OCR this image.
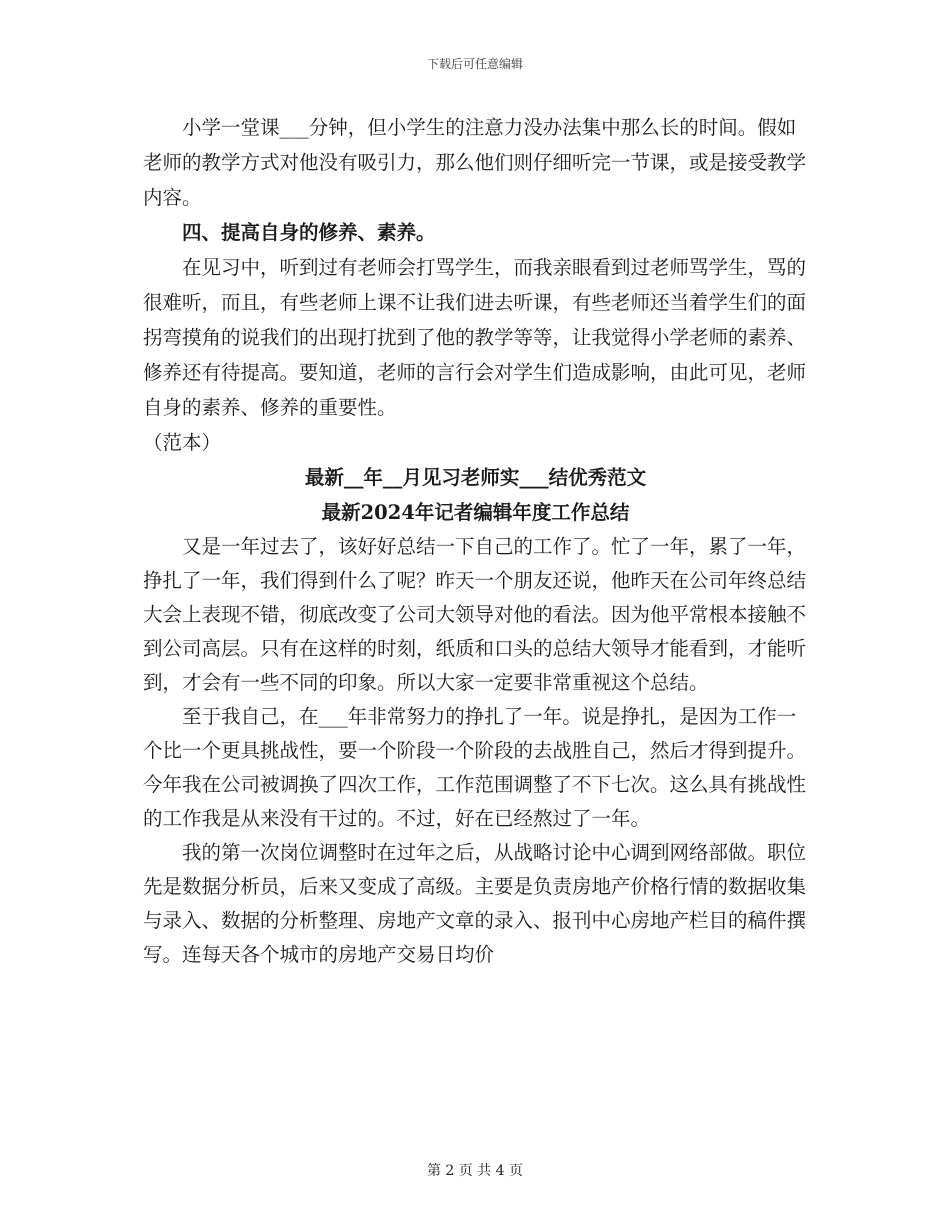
下载后可任意编辑

小学一堂课___分钟，但小学生的注意力没办法集中那么长的时间。假如老师的教学方式对他没有吸引力，那么他们则仔细听完一节课，或是接受教学内容。

四、提高自身的修养、素养。

在见习中，听到过有老师会打骂学生，而我亲眼看到过老师骂学生，骂的很难听，而且，有些老师上课不让我们进去听课，有些老师还当着学生们的面拐弯摸角的说我们的出现打扰到了他的教学等等，让我觉得小学老师的素养、修养还有待提高。要知道，老师的言行会对学生们造成影响，由此可见，老师自身的素养、修养的重要性。

（范本）

最新__年__月见习老师实___结优秀范文

最新2024年记者编辑年度工作总结

又是一年过去了，该好好总结一下自己的工作了。忙了一年，累了一年，挣扎了一年，我们得到什么了呢？昨天一个朋友还说，他昨天在公司年终总结大会上表现不错，彻底改变了公司大领导对他的看法。因为他平常根本接触不到公司高层。只有在这样的时刻，纸质和口头的总结大领导才能看到，才能听到，才会有一些不同的印象。所以大家一定要非常重视这个总结。

至于我自己，在___年非常努力的挣扎了一年。说是挣扎，是因为工作一个比一个更具挑战性，要一个阶段一个阶段的去战胜自己，然后才得到提升。今年我在公司被调换了四次工作，工作范围调整了不下七次。这么具有挑战性的工作我是从来没有干过的。不过，好在已经熬过了一年。

我的第一次岗位调整时在过年之后，从战略讨论中心调到网络部做。职位先是数据分析员，后来又变成了高级。主要是负责房地产价格行情的数据收集与录入、数据的分析整理、房地产文章的录入、报刊中心房地产栏目的稿件撰写。连每天各个城市的房地产交易日均价

第 2 页 共 4 页
